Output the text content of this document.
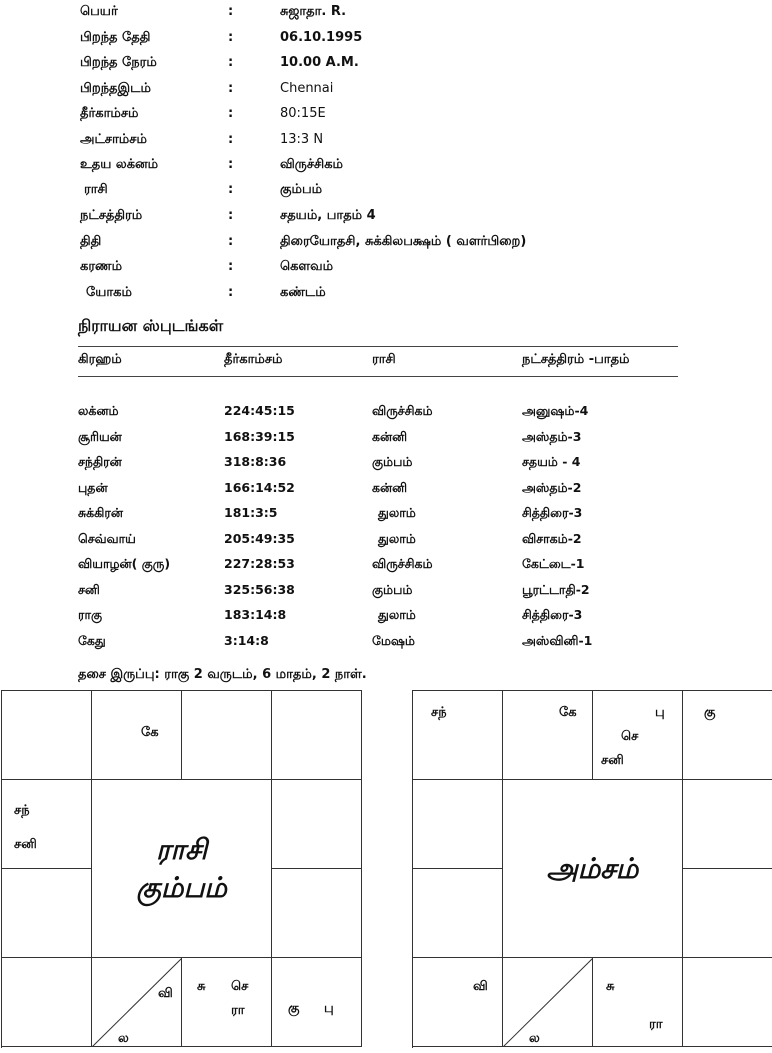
பெயர்	:	சுஜாதா. R.
பிறந்த தேதி	:	06.10.1995
பிறந்த நேரம்	:	10.00 A.M.
பிறந்தஇடம்	:	Chennai
தீர்காம்சம்	:	80:15E
அட்சாம்சம்	:	13:3 N
உதய லக்னம்	:	விருச்சிகம்
ராசி	:	கும்பம்
நட்சத்திரம்	:	சதயம், பாதம் 4
திதி	:	திரையோதசி, சுக்கிலபக்ஷம் ( வளர்பிறை)
கரணம்	:	கௌவம்
யோகம்	:	கண்டம்
நிராயன ஸ்புடங்கள்
கிரஹம்	தீர்காம்சம்	ராசி	நட்சத்திரம் -பாதம்
லக்னம்	224:45:15	விருச்சிகம்	அனுஷம்-4
சூரியன்	168:39:15	கன்னி	அஸ்தம்-3
சந்திரன்	318:8:36	கும்பம்	சதயம் - 4
புதன்	166:14:52	கன்னி	அஸ்தம்-2
சுக்கிரன்	181:3:5	துலாம்	சித்திரை-3
செவ்வாய்	205:49:35	துலாம்	விசாகம்-2
வியாழன்( குரு)	227:28:53	விருச்சிகம்	கேட்டை-1
சனி	325:56:38	கும்பம்	பூரட்டாதி-2
ராகு	183:14:8	துலாம்	சித்திரை-3
கேது	3:14:8	மேஷம்	அஸ்வினி-1
தசை இருப்பு: ராகு 2 வருடம், 6 மாதம், 2 நாள்.
ராசி
கும்பம்
கே
சந்
சனி
வி
ல
சு செ
ரா	கு பு
அம்சம்
சந்	கே	பு
செ
சனி
கு
வி
ல
சு
ரா
